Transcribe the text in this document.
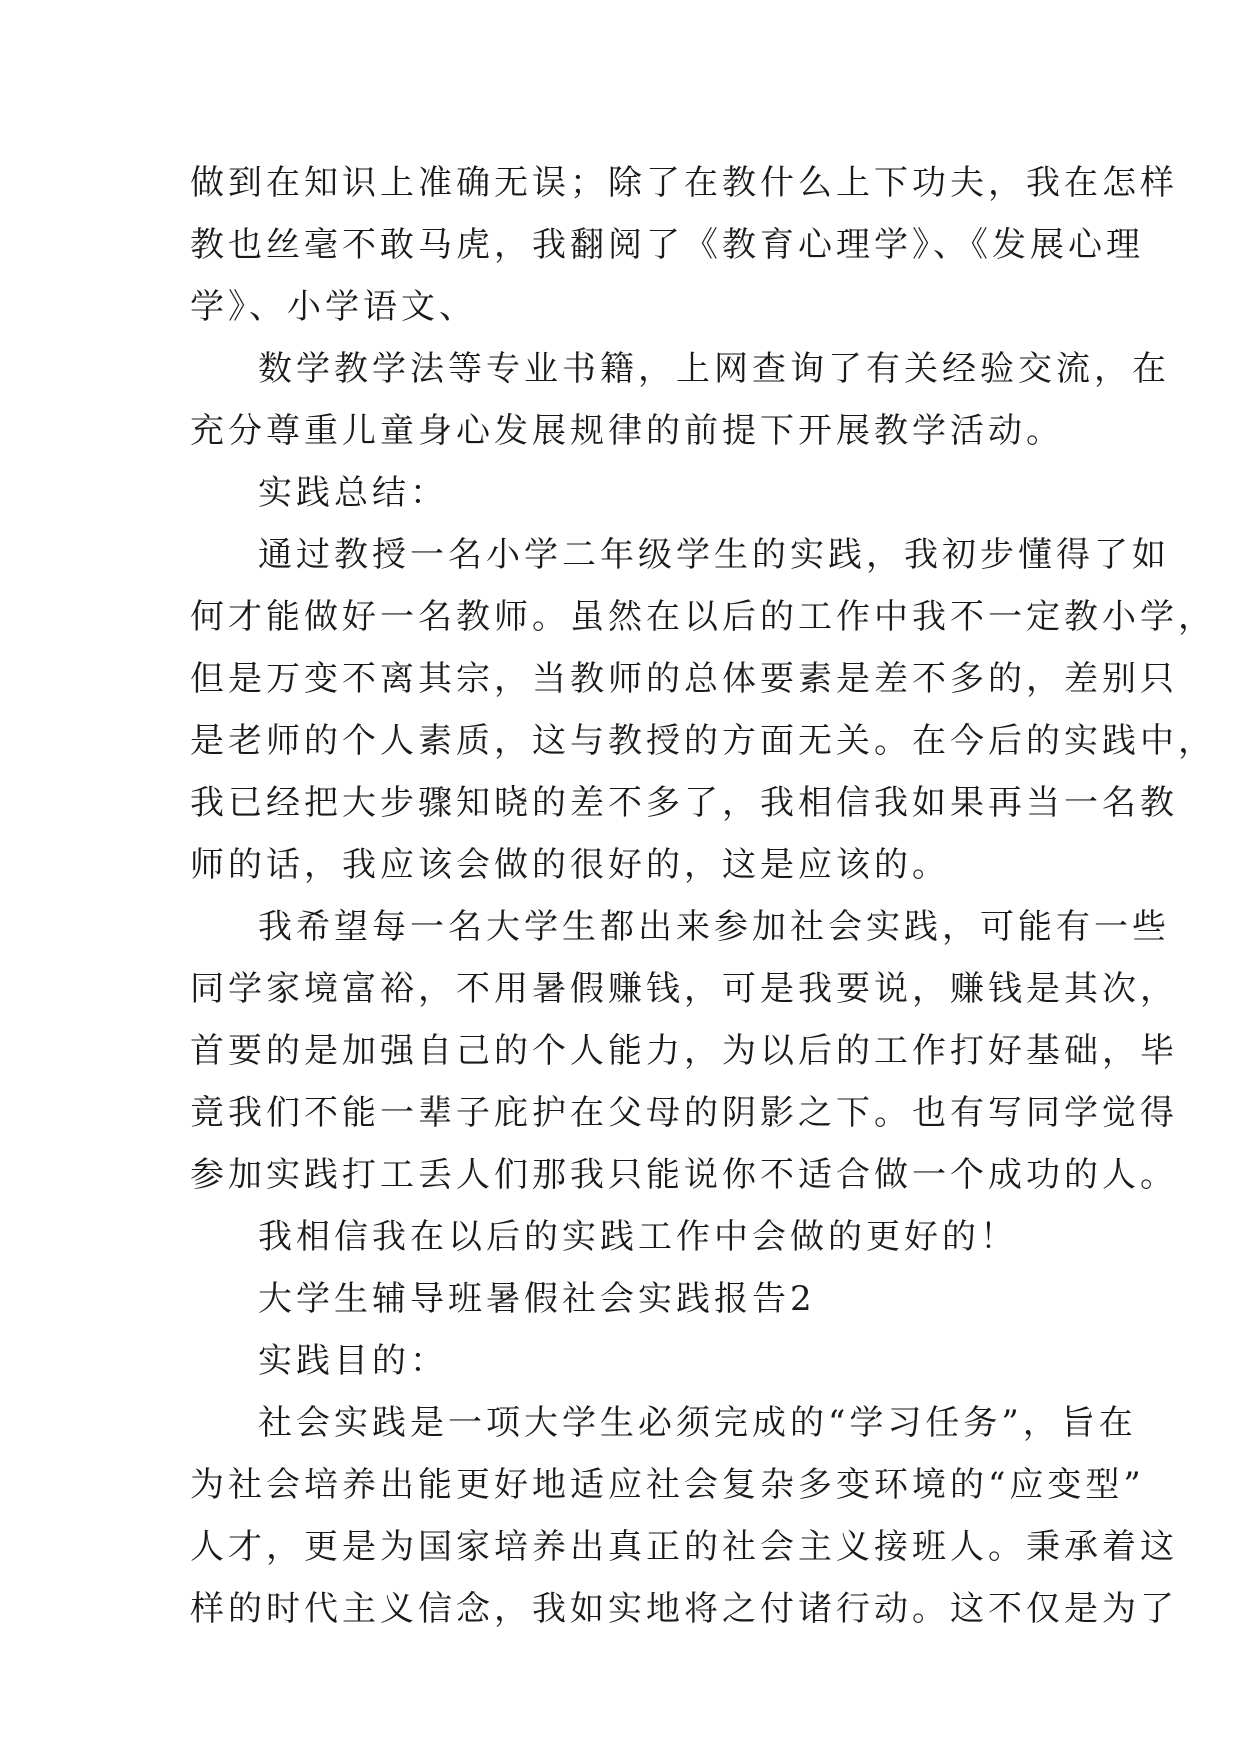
做到在知识上准确无误；除了在教什么上下功夫，我在怎样
教也丝毫不敢马虎，我翻阅了《教育心理学》、《发展心理
学》、小学语文、
数学教学法等专业书籍，上网查询了有关经验交流，在
充分尊重儿童身心发展规律的前提下开展教学活动。
实践总结：
通过教授一名小学二年级学生的实践，我初步懂得了如
何才能做好一名教师。虽然在以后的工作中我不一定教小学，
但是万变不离其宗，当教师的总体要素是差不多的，差别只
是老师的个人素质，这与教授的方面无关。在今后的实践中，
我已经把大步骤知晓的差不多了，我相信我如果再当一名教
师的话，我应该会做的很好的，这是应该的。
我希望每一名大学生都出来参加社会实践，可能有一些
同学家境富裕，不用暑假赚钱，可是我要说，赚钱是其次，
首要的是加强自己的个人能力，为以后的工作打好基础，毕
竟我们不能一辈子庇护在父母的阴影之下。也有写同学觉得
参加实践打工丢人们那我只能说你不适合做一个成功的人。
我相信我在以后的实践工作中会做的更好的！
大学生辅导班暑假社会实践报告2
实践目的：
社会实践是一项大学生必须完成的“学习任务”，旨在
为社会培养出能更好地适应社会复杂多变环境的“应变型”
人才，更是为国家培养出真正的社会主义接班人。秉承着这
样的时代主义信念，我如实地将之付诸行动。这不仅是为了
